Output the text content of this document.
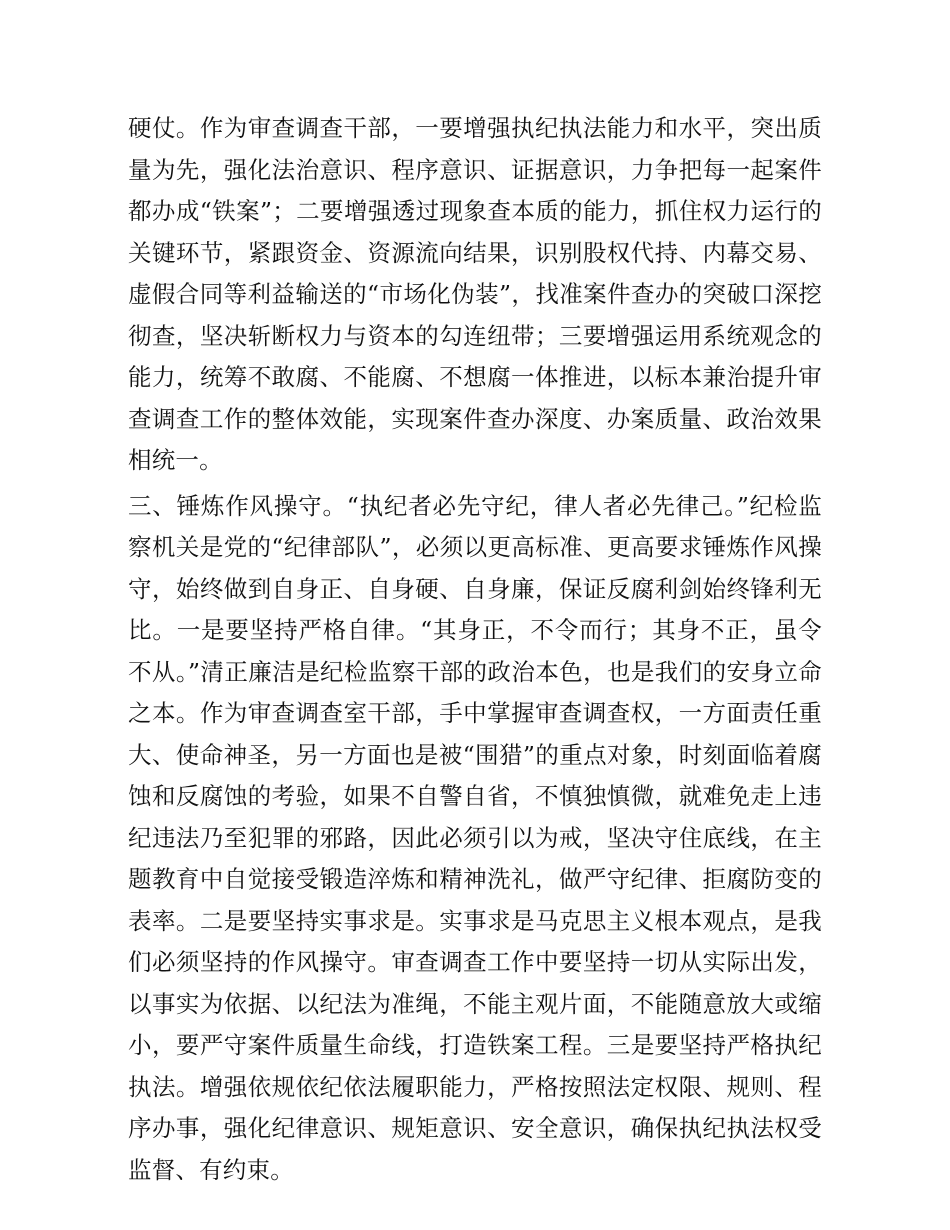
硬仗。作为审查调查干部，一要增强执纪执法能力和水平，突出质量为先，强化法治意识、程序意识、证据意识，力争把每一起案件都办成“铁案”；二要增强透过现象查本质的能力，抓住权力运行的关键环节，紧跟资金、资源流向结果，识别股权代持、内幕交易、虚假合同等利益输送的“市场化伪装”，找准案件查办的突破口深挖彻查，坚决斩断权力与资本的勾连纽带；三要增强运用系统观念的能力，统筹不敢腐、不能腐、不想腐一体推进，以标本兼治提升审查调查工作的整体效能，实现案件查办深度、办案质量、政治效果相统一。

三、锤炼作风操守。“执纪者必先守纪，律人者必先律己。”纪检监察机关是党的“纪律部队”，必须以更高标准、更高要求锤炼作风操守，始终做到自身正、自身硬、自身廉，保证反腐利剑始终锋利无比。一是要坚持严格自律。“其身正，不令而行；其身不正，虽令不从。”清正廉洁是纪检监察干部的政治本色，也是我们的安身立命之本。作为审查调查室干部，手中掌握审查调查权，一方面责任重大、使命神圣，另一方面也是被“围猎”的重点对象，时刻面临着腐蚀和反腐蚀的考验，如果不自警自省，不慎独慎微，就难免走上违纪违法乃至犯罪的邪路，因此必须引以为戒，坚决守住底线，在主题教育中自觉接受锻造淬炼和精神洗礼，做严守纪律、拒腐防变的表率。二是要坚持实事求是。实事求是马克思主义根本观点，是我们必须坚持的作风操守。审查调查工作中要坚持一切从实际出发，以事实为依据、以纪法为准绳，不能主观片面，不能随意放大或缩小，要严守案件质量生命线，打造铁案工程。三是要坚持严格执纪执法。增强依规依纪依法履职能力，严格按照法定权限、规则、程序办事，强化纪律意识、规矩意识、安全意识，确保执纪执法权受监督、有约束。
